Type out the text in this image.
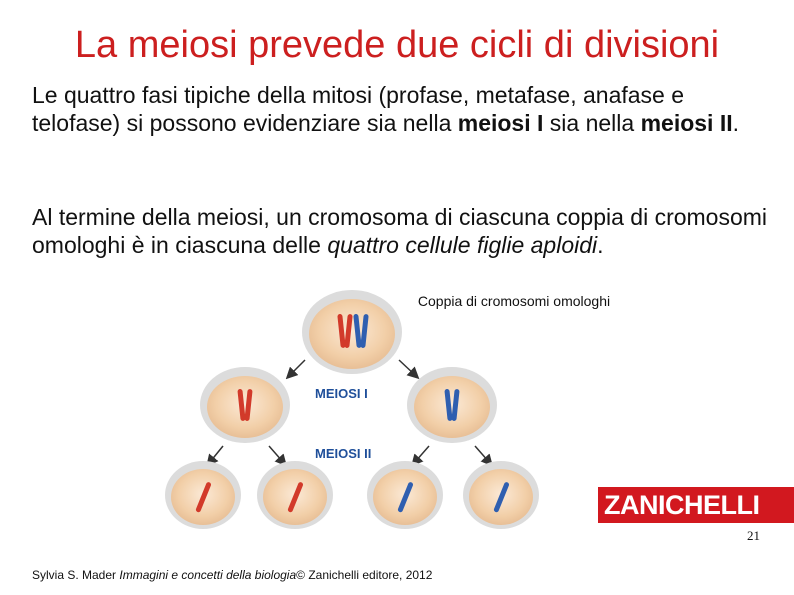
La meiosi prevede due cicli di divisioni
Le quattro fasi tipiche della mitosi (profase, metafase, anafase e telofase) si possono evidenziare sia nella meiosi I sia nella meiosi II.
Al termine della meiosi, un cromosoma di ciascuna coppia di cromosomi omologhi è in ciascuna delle quattro cellule figlie aploidi.
Coppia di cromosomi omologhi
MEIOSI I
MEIOSI II
ZANICHELLI
21
Sylvia S. Mader Immagini e concetti della biologia© Zanichelli editore, 2012
